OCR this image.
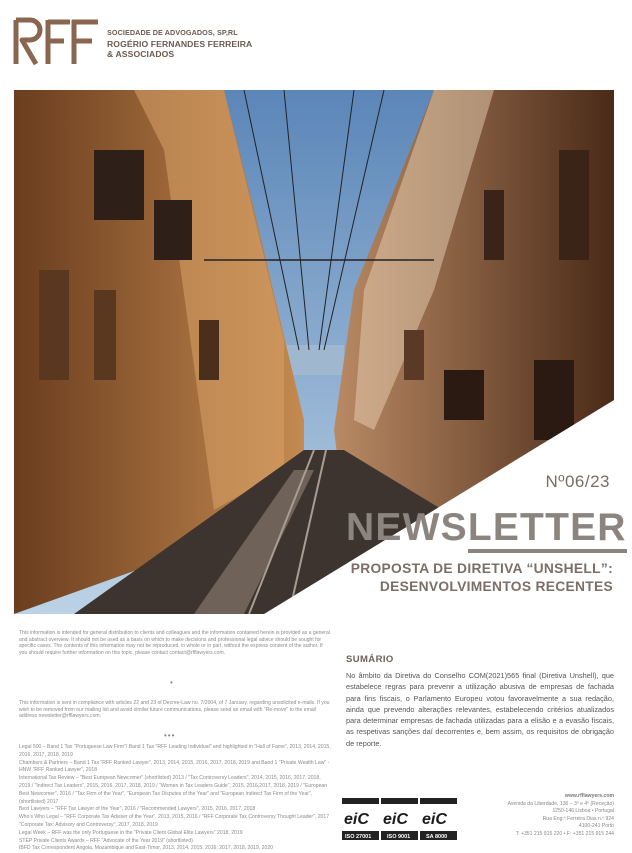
SOCIEDADE DE ADVOGADOS, SP,RL
ROGÉRIO FERNANDES FERREIRA
& ASSOCIADOS
Nº06/23
NEWSLETTER
PROPOSTA DE DIRETIVA “UNSHELL”:
DESENVOLVIMENTOS RECENTES
This information is intended for general distribution to clients and colleagues and the information contained herein is provided as a general and abstract overview. It should not be used as a basis on which to make decisions and professional legal advice should be sought for specific cases. The contents of this information may not be reproduced, in whole or in part, without the express consent of the author. If you should require further information on this topic, please contact contact@rfflawyers.com.
•
This information is sent in compliance with articles 22 and 23 of Decree-Law no. 7/2004, of 7 January, regarding unsolicited e-mails. If you wish to be removed from our mailing list and avoid similar future communications, please send an email with "Re-move" to the email address newsletter@rfflawyers.com.
•••
Legal 500 – Band 1 Tax "Portuguese Law Firm"/ Band 1 Tax "RFF Leading Individual" and highlighted in "Hall of Fame", 2013, 2014, 2015, 2016, 2017, 2018, 2019
Chambers & Partners – Band 1 Tax "RFF Ranked Lawyer", 2013, 2014, 2015, 2016, 2017, 2018, 2019 and Band 1 "Private Wealth Law" - HNW "RFF Ranked Lawyer", 2018
International Tax Review – "Best European Newcomer" (shortlisted) 2013 / "Tax Controversy Leaders", 2014, 2015, 2016, 2017, 2018, 2019 / "Indirect Tax Leaders", 2015, 2016, 2017, 2018, 2019 / "Women in Tax Leaders Guide", 2015, 2016,2017, 2018, 2019 / "European Best Newcomer", 2016 / "Tax Firm of the Year", "European Tax Disputes of the Year" and "European Indirect Tax Firm of the Year", (shortlisted) 2017
Best Lawyers – "RFF Tax Lawyer of the Year", 2016 / "Recommended Lawyers", 2015, 2016, 2017, 2018
Who's Who Legal – "RFF Corporate Tax Adviser of the Year", 2013, 2015, 2016 / "RFF Corporate Tax Controversy Thought Leader", 2017 "Corporate Tax: Advisory and Controversy", 2017, 2018, 2019
Legal Week – RFF was the only Portuguese in the "Private Client Global Elite Lawyers" 2018, 2019
STEP Private Clients Awards – RFF "Advocate of the Year 2019" (shortlisted)
IBFD Tax Correspondent Angola, Mozambique and East-Timor, 2013, 2014, 2015, 2016, 2017, 2018, 2019, 2020
SUMÁRIO
No âmbito da Diretiva do Conselho COM(2021)565 final (Diretiva Unshell), que estabelece regras para prevenir a utilização abusiva de empresas de fachada para fins fiscais, o Parlamento Europeu votou favoravelmente a sua redação, ainda que prevendo alterações relevantes, estabelecendo critérios atualizados para determinar empresas de fachada utilizadas para a elisão e a evasão fiscais, as respetivas sanções daí decorrentes e, bem assim, os requisitos de obrigação de reporte.
eiC eiC eiC
ISO 27001	ISO 9001	SA 8000
www.rfflawyers.com
Avenida da Liberdade, 136 – 3º e 4º (Receção)
1250-146 Lisboa • Portugal
Rua Eng.º Ferreira Dias n.º 924
4100-241 Porto
T: +351 215 915 220 • F: +351 215 915 244
